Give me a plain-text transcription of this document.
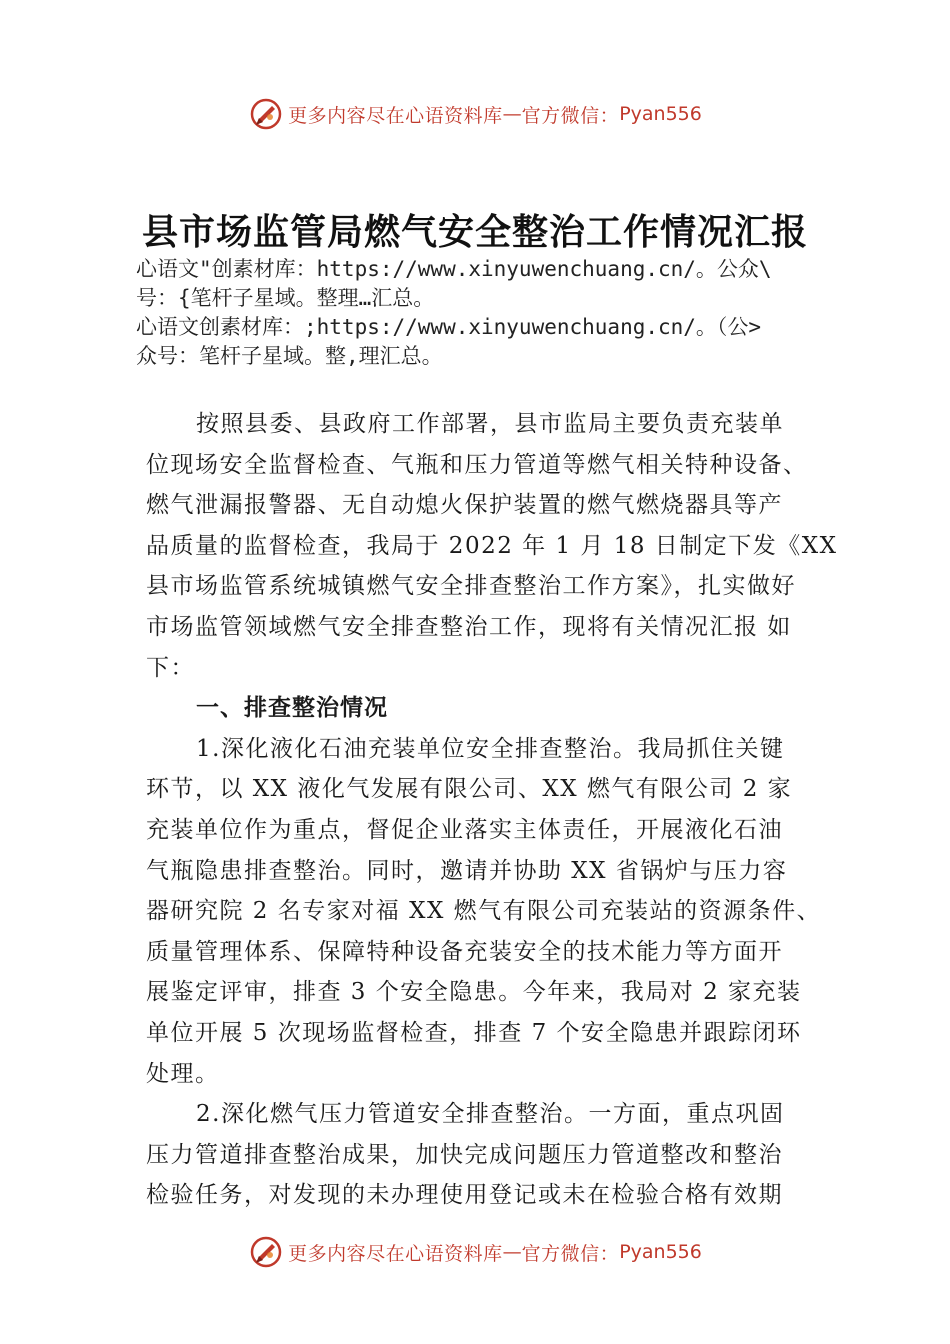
更多内容尽在心语资料库 — 官方微信： Pyan556
县市场监管局燃气安全整治工作情况汇报
心语文"创素材库：https://www.xinyuwenchuang.cn/。公众\
号：{笔杆子星域。整理…汇总。
心语文创素材库：;https://www.xinyuwenchuang.cn/。（公>
众号：笔杆子星域。整,理汇总。
按照县委、县政府工作部署，县市监局主要负责充装单
位现场安全监督检查、气瓶和压力管道等燃气相关特种设备、
燃气泄漏报警器、无自动熄火保护装置的燃气燃烧器具等产
品质量的监督检查，我局于 2022 年 1 月 18 日制定下发《XX
县市场监管系统城镇燃气安全排查整治工作方案》，扎实做好
市场监管领域燃气安全排查整治工作，现将有关情况汇报 如
下：
一、排查整治情况
1.深化液化石油充装单位安全排查整治。我局抓住关键
环节，以 XX 液化气发展有限公司、XX 燃气有限公司 2 家
充装单位作为重点，督促企业落实主体责任，开展液化石油
气瓶隐患排查整治。同时，邀请并协助 XX 省锅炉与压力容
器研究院 2 名专家对福 XX 燃气有限公司充装站的资源条件、
质量管理体系、保障特种设备充装安全的技术能力等方面开
展鉴定评审，排查 3 个安全隐患。今年来，我局对 2 家充装
单位开展 5 次现场监督检查，排查 7 个安全隐患并跟踪闭环
处理。
2.深化燃气压力管道安全排查整治。一方面，重点巩固
压力管道排查整治成果，加快完成问题压力管道整改和整治
检验任务，对发现的未办理使用登记或未在检验合格有效期
更多内容尽在心语资料库 — 官方微信： Pyan556
